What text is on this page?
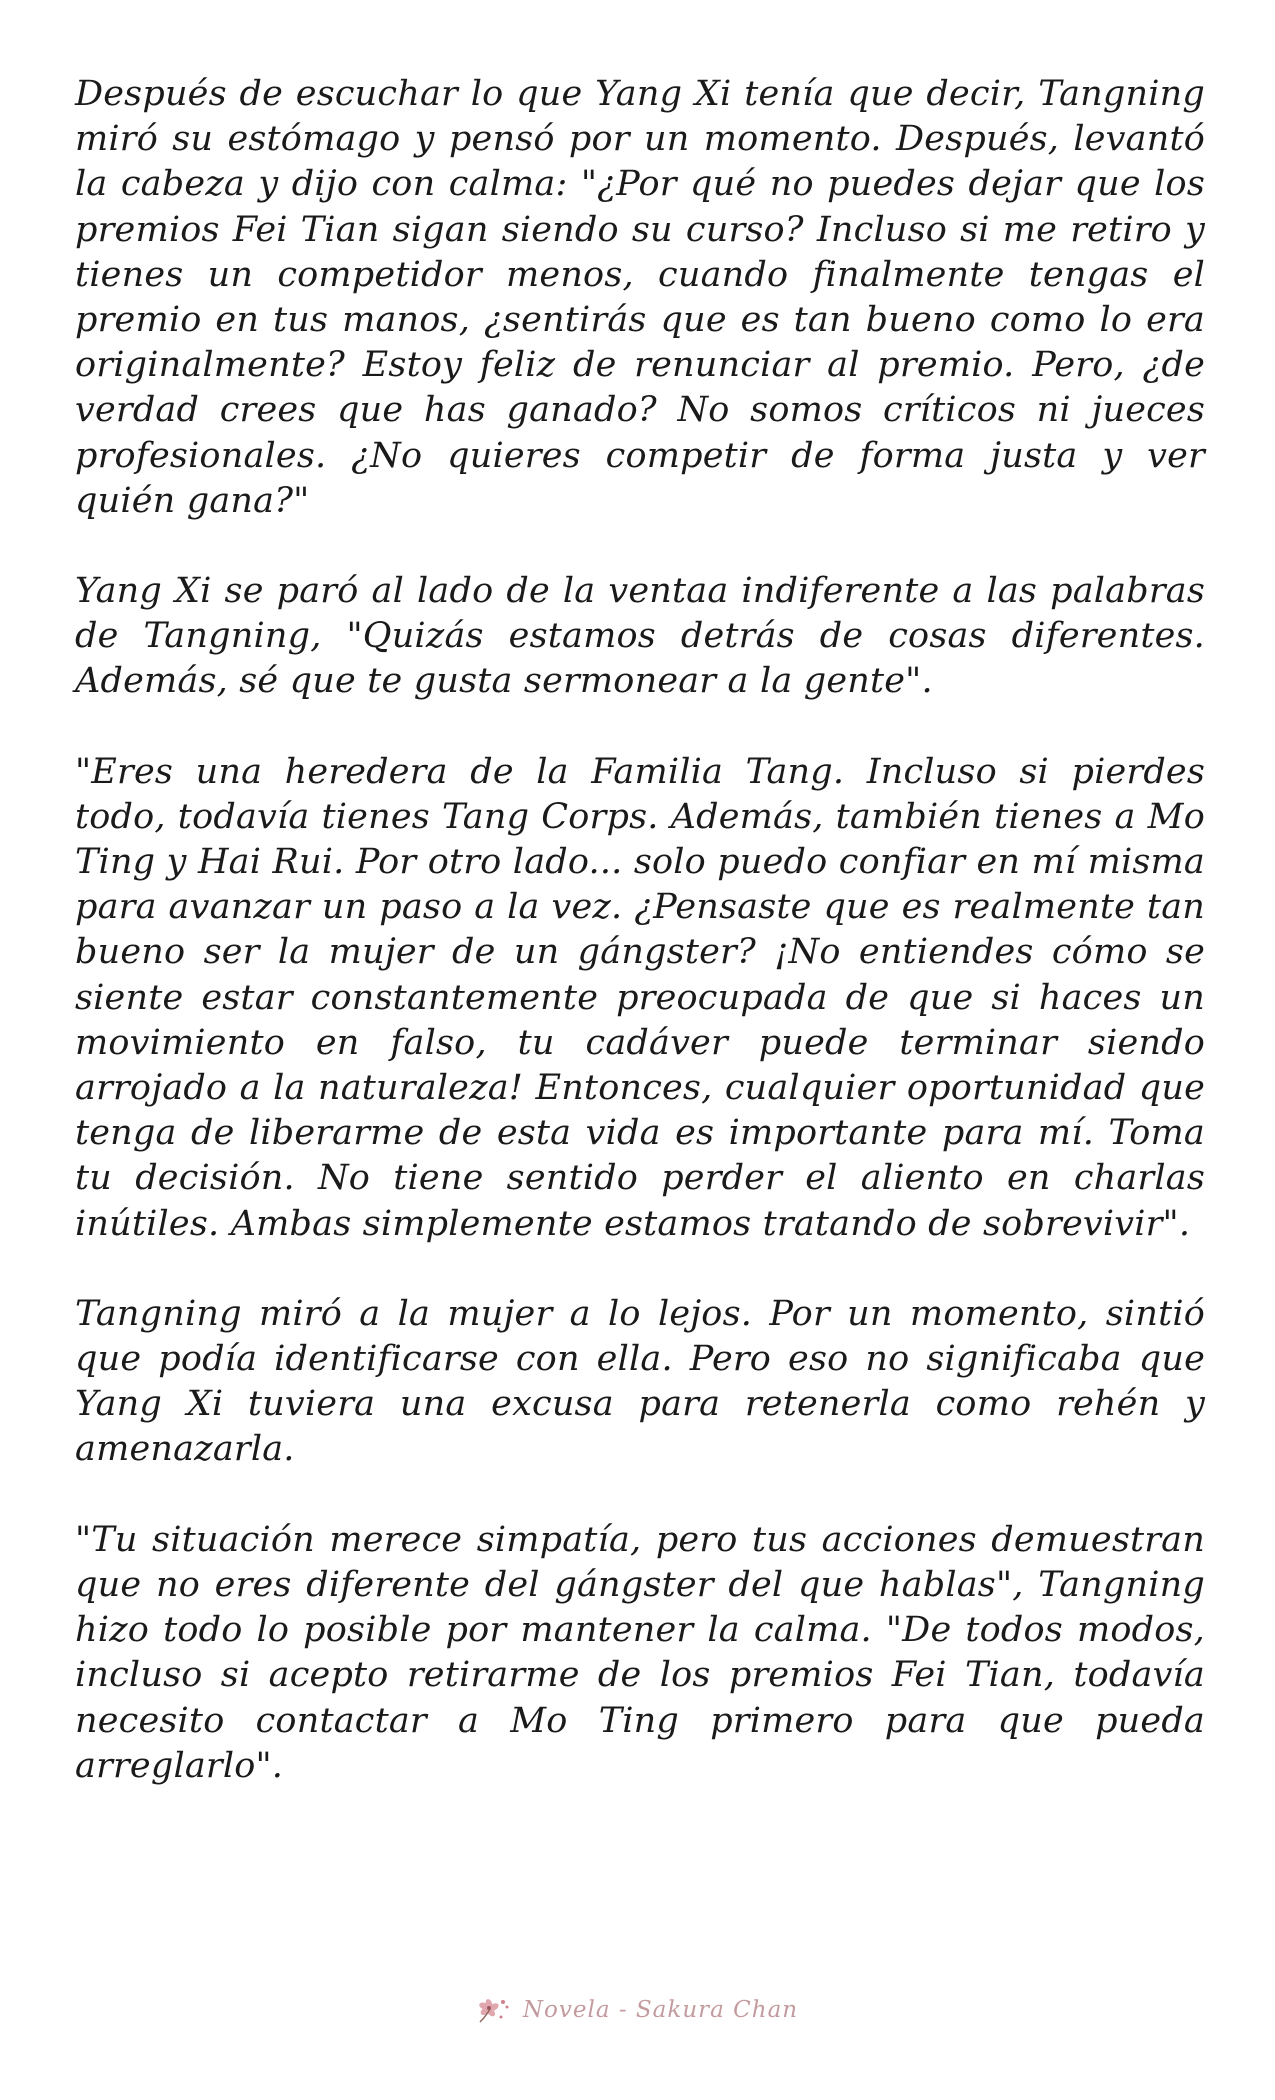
Después de escuchar lo que Yang Xi tenía que decir, Tangning miró su estómago y pensó por un momento. Después, levantó la cabeza y dijo con calma: "¿Por qué no puedes dejar que los premios Fei Tian sigan siendo su curso? Incluso si me retiro y tienes un competidor menos, cuando finalmente tengas el premio en tus manos, ¿sentirás que es tan bueno como lo era originalmente? Estoy feliz de renunciar al premio. Pero, ¿de verdad crees que has ganado? No somos críticos ni jueces profesionales. ¿No quieres competir de forma justa y ver quién gana?"

Yang Xi se paró al lado de la ventaa indiferente a las palabras de Tangning, "Quizás estamos detrás de cosas diferentes. Además, sé que te gusta sermonear a la gente".

"Eres una heredera de la Familia Tang. Incluso si pierdes todo, todavía tienes Tang Corps. Además, también tienes a Mo Ting y Hai Rui. Por otro lado... solo puedo confiar en mí misma para avanzar un paso a la vez. ¿Pensaste que es realmente tan bueno ser la mujer de un gángster? ¡No entiendes cómo se siente estar constantemente preocupada de que si haces un movimiento en falso, tu cadáver puede terminar siendo arrojado a la naturaleza! Entonces, cualquier oportunidad que tenga de liberarme de esta vida es importante para mí. Toma tu decisión. No tiene sentido perder el aliento en charlas inútiles. Ambas simplemente estamos tratando de sobrevivir".

Tangning miró a la mujer a lo lejos. Por un momento, sintió que podía identificarse con ella. Pero eso no significaba que Yang Xi tuviera una excusa para retenerla como rehén y amenazarla.

"Tu situación merece simpatía, pero tus acciones demuestran que no eres diferente del gángster del que hablas", Tangning hizo todo lo posible por mantener la calma. "De todos modos, incluso si acepto retirarme de los premios Fei Tian, todavía necesito contactar a Mo Ting primero para que pueda arreglarlo".

Novela - Sakura Chan
